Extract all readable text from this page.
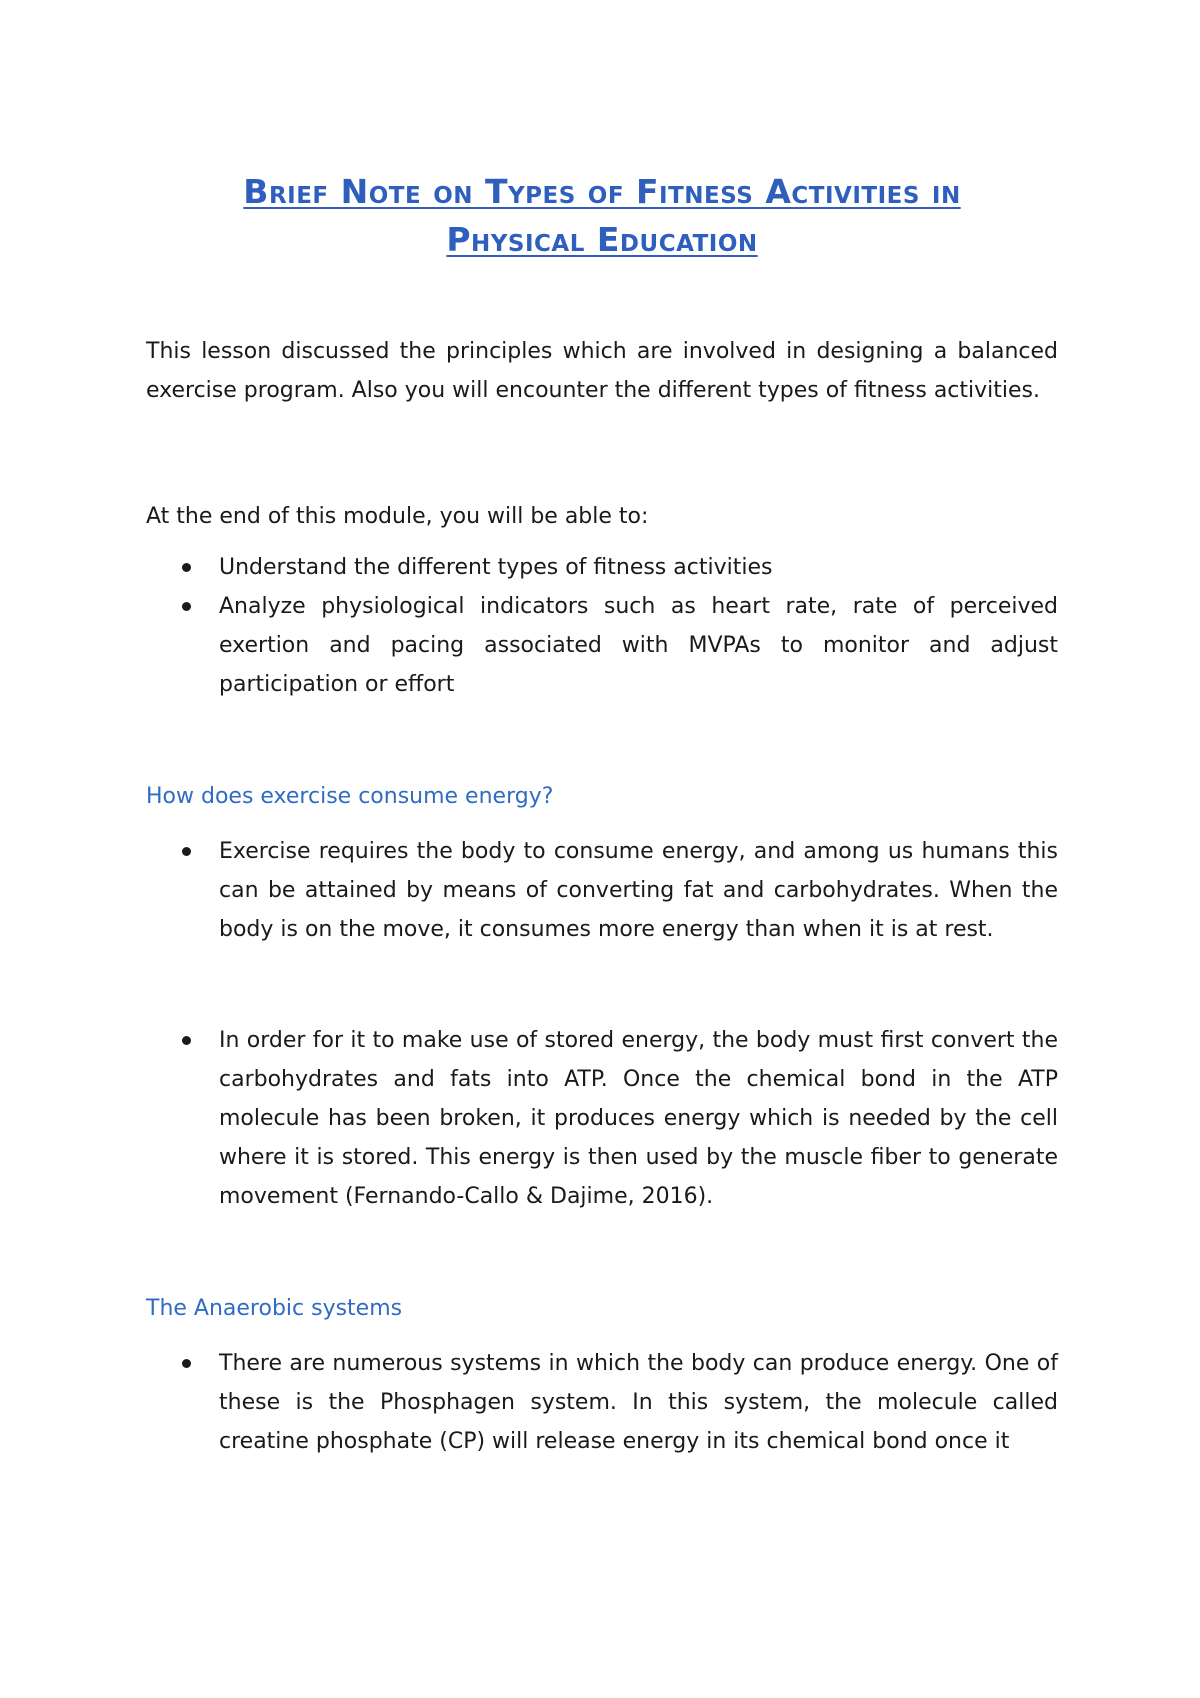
Brief Note on Types of Fitness Activities in
Physical Education

This lesson discussed the principles which are involved in designing a balanced exercise program. Also you will encounter the different types of fitness activities.

At the end of this module, you will be able to:

Understand the different types of fitness activities
Analyze physiological indicators such as heart rate, rate of perceived exertion and pacing associated with MVPAs to monitor and adjust participation or effort
How does exercise consume energy?
Exercise requires the body to consume energy, and among us humans this can be attained by means of converting fat and carbohydrates. When the body is on the move, it consumes more energy than when it is at rest.
In order for it to make use of stored energy, the body must first convert the carbohydrates and fats into ATP. Once the chemical bond in the ATP molecule has been broken, it produces energy which is needed by the cell where it is stored. This energy is then used by the muscle fiber to generate movement (Fernando-Callo & Dajime, 2016).
The Anaerobic systems
There are numerous systems in which the body can produce energy. One of these is the Phosphagen system. In this system, the molecule called creatine phosphate (CP) will release energy in its chemical bond once it
